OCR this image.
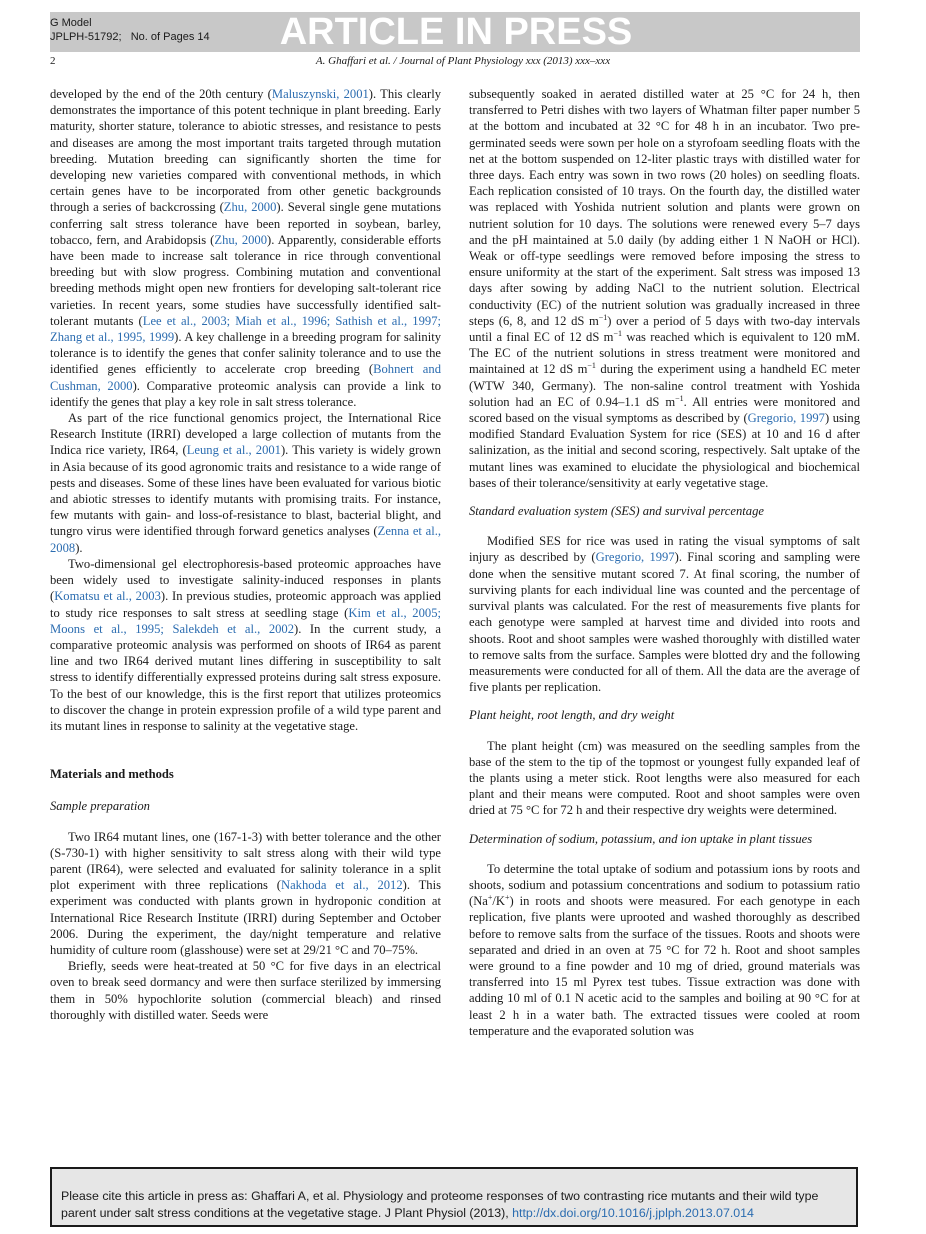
G Model
JPLPH-51792; No. of Pages 14	ARTICLE IN PRESS
2	A. Ghaffari et al. / Journal of Plant Physiology xxx (2013) xxx–xxx

developed by the end of the 20th century (Maluszynski, 2001). This clearly demonstrates the importance of this potent technique in plant breeding. Early maturity, shorter stature, tolerance to abiotic stresses, and resistance to pests and diseases are among the most important traits targeted through mutation breeding. Mutation breeding can significantly shorten the time for developing new varieties compared with conventional methods, in which certain genes have to be incorporated from other genetic backgrounds through a series of backcrossing (Zhu, 2000). Several single gene mutations conferring salt stress tolerance have been reported in soybean, barley, tobacco, fern, and Arabidopsis (Zhu, 2000). Apparently, considerable efforts have been made to increase salt tolerance in rice through conventional breeding but with slow progress. Combining mutation and conventional breeding methods might open new frontiers for developing salt-tolerant rice varieties. In recent years, some studies have successfully identified salt-tolerant mutants (Lee et al., 2003; Miah et al., 1996; Sathish et al., 1997; Zhang et al., 1995, 1999). A key challenge in a breeding program for salinity tolerance is to identify the genes that confer salinity tolerance and to use the identified genes efficiently to accelerate crop breeding (Bohnert and Cushman, 2000). Comparative proteomic analysis can provide a link to identify the genes that play a key role in salt stress tolerance.

As part of the rice functional genomics project, the International Rice Research Institute (IRRI) developed a large collection of mutants from the Indica rice variety, IR64, (Leung et al., 2001). This variety is widely grown in Asia because of its good agronomic traits and resistance to a wide range of pests and diseases. Some of these lines have been evaluated for various biotic and abiotic stresses to identify mutants with promising traits. For instance, few mutants with gain- and loss-of-resistance to blast, bacterial blight, and tungro virus were identified through forward genetics analyses (Zenna et al., 2008).

Two-dimensional gel electrophoresis-based proteomic approaches have been widely used to investigate salinity-induced responses in plants (Komatsu et al., 2003). In previous studies, proteomic approach was applied to study rice responses to salt stress at seedling stage (Kim et al., 2005; Moons et al., 1995; Salekdeh et al., 2002). In the current study, a comparative proteomic analysis was performed on shoots of IR64 as parent line and two IR64 derived mutant lines differing in susceptibility to salt stress to identify differentially expressed proteins during salt stress exposure. To the best of our knowledge, this is the first report that utilizes proteomics to discover the change in protein expression profile of a wild type parent and its mutant lines in response to salinity at the vegetative stage.

Materials and methods
Sample preparation

Two IR64 mutant lines, one (167-1-3) with better tolerance and the other (S-730-1) with higher sensitivity to salt stress along with their wild type parent (IR64), were selected and evaluated for salinity tolerance in a split plot experiment with three replications (Nakhoda et al., 2012). This experiment was conducted with plants grown in hydroponic condition at International Rice Research Institute (IRRI) during September and October 2006. During the experiment, the day/night temperature and relative humidity of culture room (glasshouse) were set at 29/21 °C and 70–75%.

Briefly, seeds were heat-treated at 50 °C for five days in an electrical oven to break seed dormancy and were then surface sterilized by immersing them in 50% hypochlorite solution (commercial bleach) and rinsed thoroughly with distilled water. Seeds were

subsequently soaked in aerated distilled water at 25 °C for 24 h, then transferred to Petri dishes with two layers of Whatman filter paper number 5 at the bottom and incubated at 32 °C for 48 h in an incubator. Two pre-germinated seeds were sown per hole on a styrofoam seedling floats with the net at the bottom suspended on 12-liter plastic trays with distilled water for three days. Each entry was sown in two rows (20 holes) on seedling floats. Each replication consisted of 10 trays. On the fourth day, the distilled water was replaced with Yoshida nutrient solution and plants were grown on nutrient solution for 10 days. The solutions were renewed every 5–7 days and the pH maintained at 5.0 daily (by adding either 1 N NaOH or HCl). Weak or off-type seedlings were removed before imposing the stress to ensure uniformity at the start of the experiment. Salt stress was imposed 13 days after sowing by adding NaCl to the nutrient solution. Electrical conductivity (EC) of the nutrient solution was gradually increased in three steps (6, 8, and 12 dS $m^{-1}$) over a period of 5 days with two-day intervals until a final EC of 12 dS $m^{-1}$ was reached which is equivalent to 120 mM. The EC of the nutrient solutions in stress treatment were monitored and maintained at 12 dS $m^{-1}$ during the experiment using a handheld EC meter (WTW 340, Germany). The non-saline control treatment with Yoshida solution had an EC of 0.94–1.1 dS $m^{-1}$. All entries were monitored and scored based on the visual symptoms as described by (Gregorio, 1997) using modified Standard Evaluation System for rice (SES) at 10 and 16 d after salinization, as the initial and second scoring, respectively. Salt uptake of the mutant lines was examined to elucidate the physiological and biochemical bases of their tolerance/sensitivity at early vegetative stage.

Standard evaluation system (SES) and survival percentage

Modified SES for rice was used in rating the visual symptoms of salt injury as described by (Gregorio, 1997). Final scoring and sampling were done when the sensitive mutant scored 7. At final scoring, the number of surviving plants for each individual line was counted and the percentage of survival plants was calculated. For the rest of measurements five plants for each genotype were sampled at harvest time and divided into roots and shoots. Root and shoot samples were washed thoroughly with distilled water to remove salts from the surface. Samples were blotted dry and the following measurements were conducted for all of them. All the data are the average of five plants per replication.

Plant height, root length, and dry weight

The plant height (cm) was measured on the seedling samples from the base of the stem to the tip of the topmost or youngest fully expanded leaf of the plants using a meter stick. Root lengths were also measured for each plant and their means were computed. Root and shoot samples were oven dried at 75 °C for 72 h and their respective dry weights were determined.

Determination of sodium, potassium, and ion uptake in plant tissues

To determine the total uptake of sodium and potassium ions by roots and shoots, sodium and potassium concentrations and sodium to potassium ratio (Na+/K+) in roots and shoots were measured. For each genotype in each replication, five plants were uprooted and washed thoroughly as described before to remove salts from the surface of the tissues. Roots and shoots were separated and dried in an oven at 75 °C for 72 h. Root and shoot samples were ground to a fine powder and 10 mg of dried, ground materials was transferred into 15 ml Pyrex test tubes. Tissue extraction was done with adding 10 ml of 0.1 N acetic acid to the samples and boiling at 90 °C for at least 2 h in a water bath. The extracted tissues were cooled at room temperature and the evaporated solution was

Please cite this article in press as: Ghaffari A, et al. Physiology and proteome responses of two contrasting rice mutants and their wild type parent under salt stress conditions at the vegetative stage. J Plant Physiol (2013), http://dx.doi.org/10.1016/j.jplph.2013.07.014
